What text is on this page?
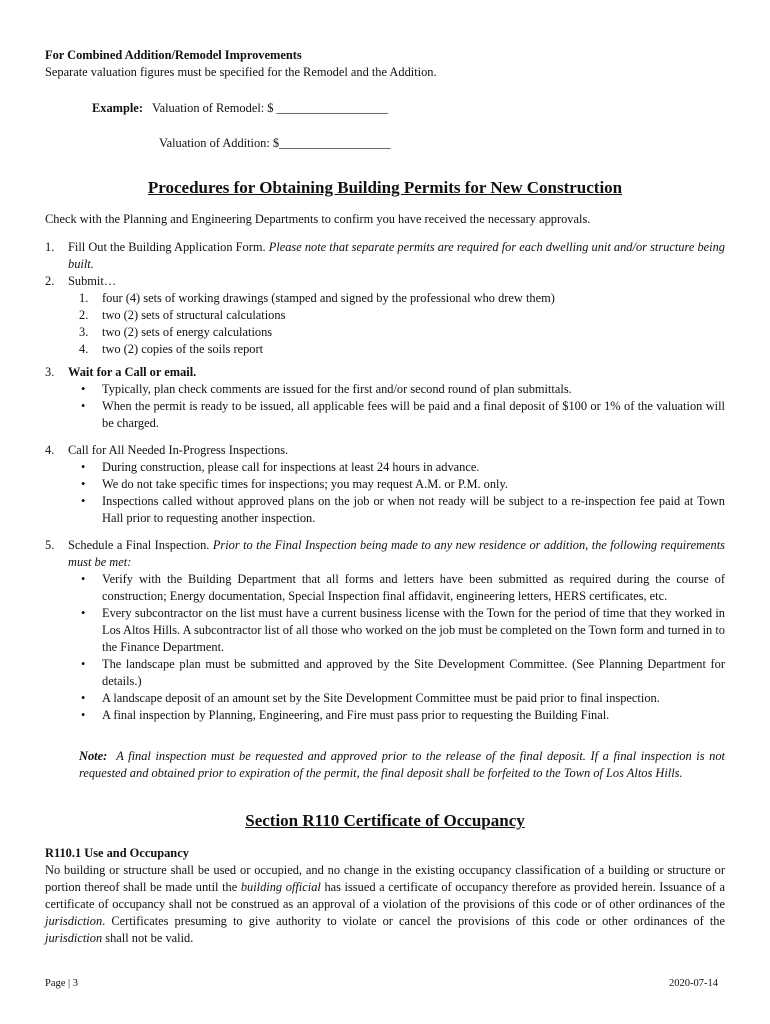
For Combined Addition/Remodel Improvements

Separate valuation figures must be specified for the Remodel and the Addition.

Example: Valuation of Remodel: $ __________________
Valuation of Addition: $__________________
Procedures for Obtaining Building Permits for New Construction
Check with the Planning and Engineering Departments to confirm you have received the necessary approvals.
1. Fill Out the Building Application Form. Please note that separate permits are required for each dwelling unit and/or structure being built.
2. Submit…
1. four (4) sets of working drawings (stamped and signed by the professional who drew them)
2. two (2) sets of structural calculations
3. two (2) sets of energy calculations
4. two (2) copies of the soils report
3. Wait for a Call or email.
• Typically, plan check comments are issued for the first and/or second round of plan submittals.
• When the permit is ready to be issued, all applicable fees will be paid and a final deposit of $100 or 1% of the valuation will be charged.
4. Call for All Needed In-Progress Inspections.
• During construction, please call for inspections at least 24 hours in advance.
• We do not take specific times for inspections; you may request A.M. or P.M. only.
• Inspections called without approved plans on the job or when not ready will be subject to a re-inspection fee paid at Town Hall prior to requesting another inspection.
5. Schedule a Final Inspection. Prior to the Final Inspection being made to any new residence or addition, the following requirements must be met:
• Verify with the Building Department that all forms and letters have been submitted as required during the course of construction; Energy documentation, Special Inspection final affidavit, engineering letters, HERS certificates, etc.
• Every subcontractor on the list must have a current business license with the Town for the period of time that they worked in Los Altos Hills. A subcontractor list of all those who worked on the job must be completed on the Town form and turned in to the Finance Department.
• The landscape plan must be submitted and approved by the Site Development Committee. (See Planning Department for details.)
• A landscape deposit of an amount set by the Site Development Committee must be paid prior to final inspection.
• A final inspection by Planning, Engineering, and Fire must pass prior to requesting the Building Final.
Note: A final inspection must be requested and approved prior to the release of the final deposit. If a final inspection is not requested and obtained prior to expiration of the permit, the final deposit shall be forfeited to the Town of Los Altos Hills.
Section R110 Certificate of Occupancy

R110.1 Use and Occupancy

No building or structure shall be used or occupied, and no change in the existing occupancy classification of a building or structure or portion thereof shall be made until the building official has issued a certificate of occupancy therefore as provided herein. Issuance of a certificate of occupancy shall not be construed as an approval of a violation of the provisions of this code or of other ordinances of the jurisdiction. Certificates presuming to give authority to violate or cancel the provisions of this code or other ordinances of the jurisdiction shall not be valid.

Page | 3	2020-07-14
